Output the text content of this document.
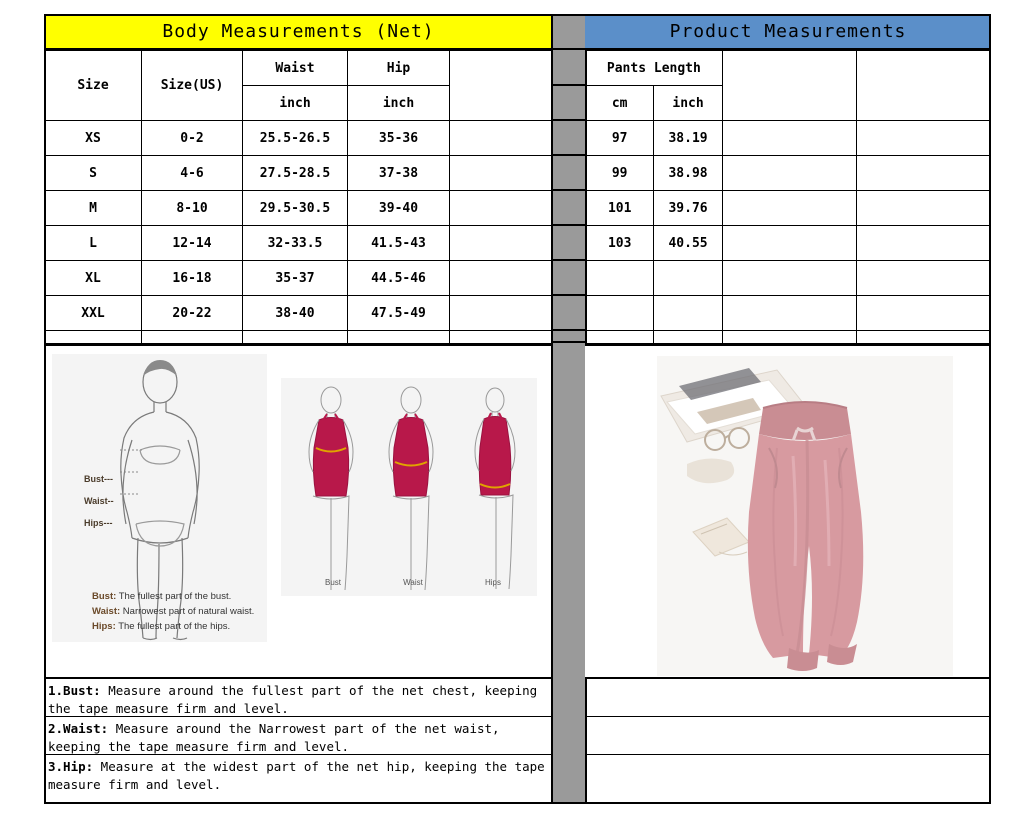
Body Measurements (Net)
Size	Size(US)	Waist	Hip	
		inch	inch	
XS	0-2	25.5-26.5	35-36	
S	4-6	27.5-28.5	37-38	
M	8-10	29.5-30.5	39-40	
L	12-14	32-33.5	41.5-43	
XL	16-18	35-37	44.5-46	
XXL	20-22	38-40	47.5-49	

Bust---
Waist--
Hips---
Bust: The fullest part of the bust.
Waist: Narrowest part of natural waist.
Hips: The fullest part of the hips.
Bust	Waist	Hips
1.Bust: Measure around the fullest part of the net chest, keeping the tape measure firm and level.
2.Waist: Measure around the Narrowest part of the net waist, keeping the tape measure firm and level.
3.Hip: Measure at the widest part of the net hip, keeping the tape measure firm and level.
Product Measurements
Pants Length			
cm	inch		
97	38.19		
99	38.98		
101	39.76		
103	40.55		
